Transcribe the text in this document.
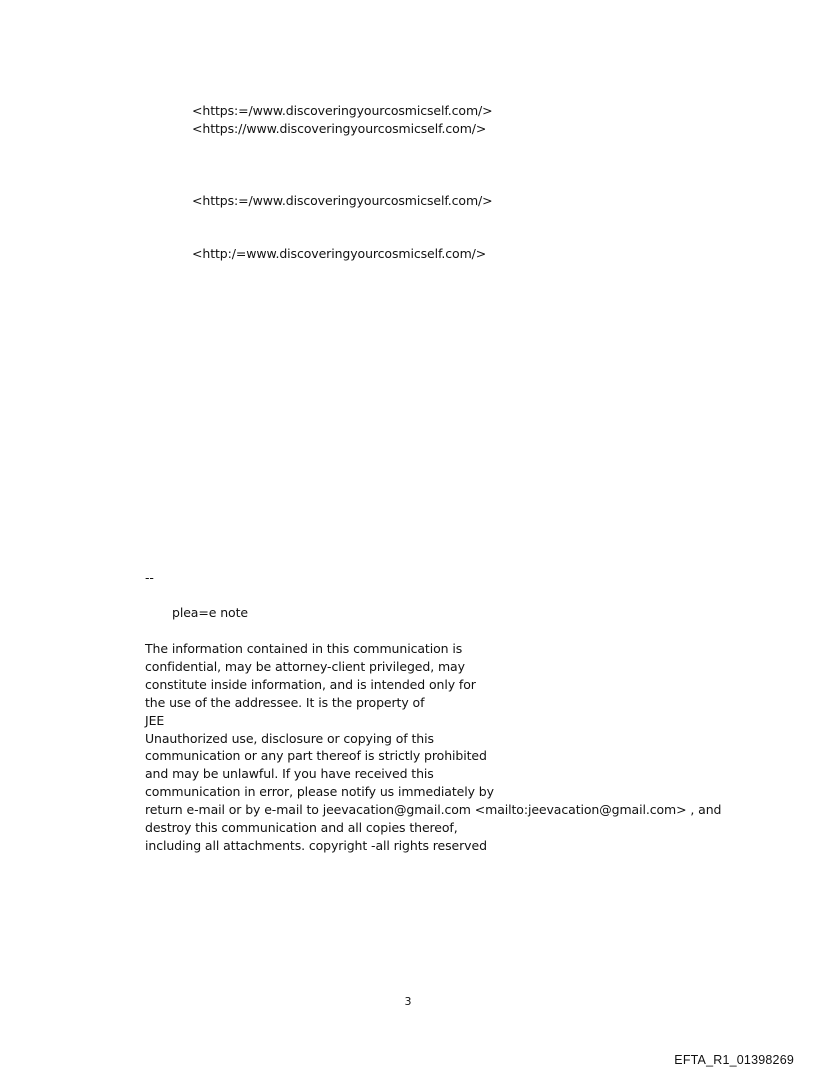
<https:=/www.discoveringyourcosmicself.com/>
<https://www.discoveringyourcosmicself.com/>
<https:=/www.discoveringyourcosmicself.com/>
<http:/=www.discoveringyourcosmicself.com/>
--
plea=e note
The information contained in this communication is
confidential, may be attorney-client privileged, may
constitute inside information, and is intended only for
the use of the addressee. It is the property of
JEE
Unauthorized use, disclosure or copying of this
communication or any part thereof is strictly prohibited
and may be unlawful. If you have received this
communication in error, please notify us immediately by
return e-mail or by e-mail to jeevacation@gmail.com <mailto:jeevacation@gmail.com> , and
destroy this communication and all copies thereof,
including all attachments. copyright -all rights reserved
3
EFTA_R1_01398269
